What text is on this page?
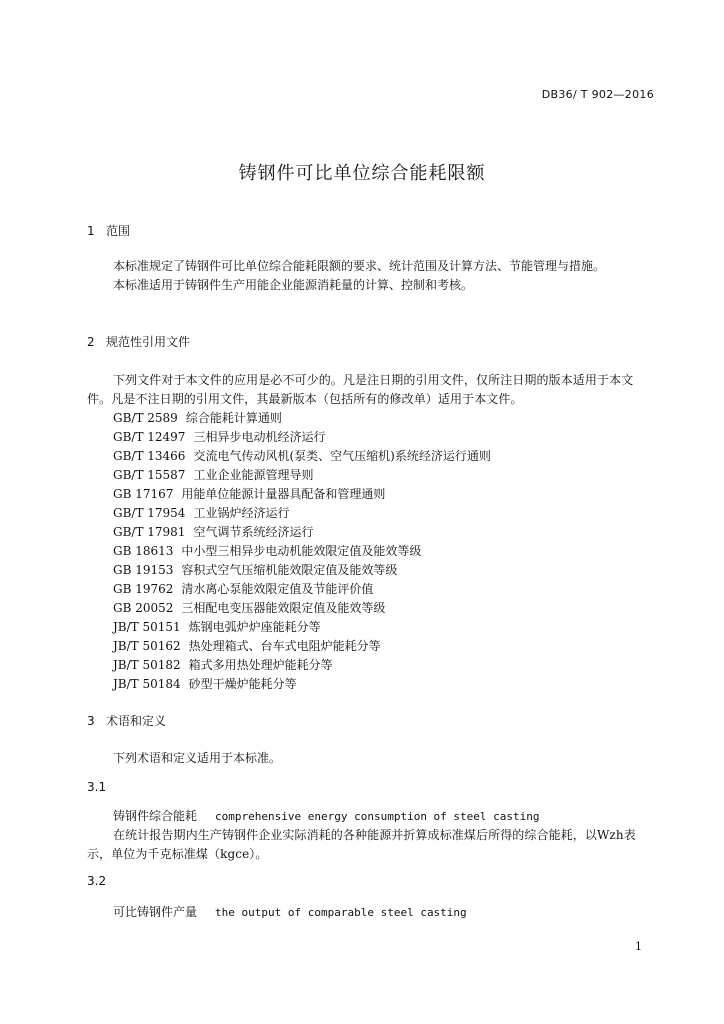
DB36/ T 902—2016
铸钢件可比单位综合能耗限额
1 范围
本标准规定了铸钢件可比单位综合能耗限额的要求、统计范围及计算方法、节能管理与措施。
本标准适用于铸钢件生产用能企业能源消耗量的计算、控制和考核。
2 规范性引用文件
下列文件对于本文件的应用是必不可少的。凡是注日期的引用文件，仅所注日期的版本适用于本文件。凡是不注日期的引用文件，其最新版本（包括所有的修改单）适用于本文件。
GB/T 2589 综合能耗计算通则
GB/T 12497 三相异步电动机经济运行
GB/T 13466 交流电气传动风机(泵类、空气压缩机)系统经济运行通则
GB/T 15587 工业企业能源管理导则
GB 17167 用能单位能源计量器具配备和管理通则
GB/T 17954 工业锅炉经济运行
GB/T 17981 空气调节系统经济运行
GB 18613 中小型三相异步电动机能效限定值及能效等级
GB 19153 容积式空气压缩机能效限定值及能效等级
GB 19762 清水离心泵能效限定值及节能评价值
GB 20052 三相配电变压器能效限定值及能效等级
JB/T 50151 炼钢电弧炉炉座能耗分等
JB/T 50162 热处理箱式、台车式电阻炉能耗分等
JB/T 50182 箱式多用热处理炉能耗分等
JB/T 50184 砂型干燥炉能耗分等
3 术语和定义
下列术语和定义适用于本标准。
3.1
铸钢件综合能耗 comprehensive energy consumption of steel casting
在统计报告期内生产铸钢件企业实际消耗的各种能源并折算成标准煤后所得的综合能耗，以Wzh表示，单位为千克标准煤（kgce）。
3.2
可比铸钢件产量 the output of comparable steel casting
1
